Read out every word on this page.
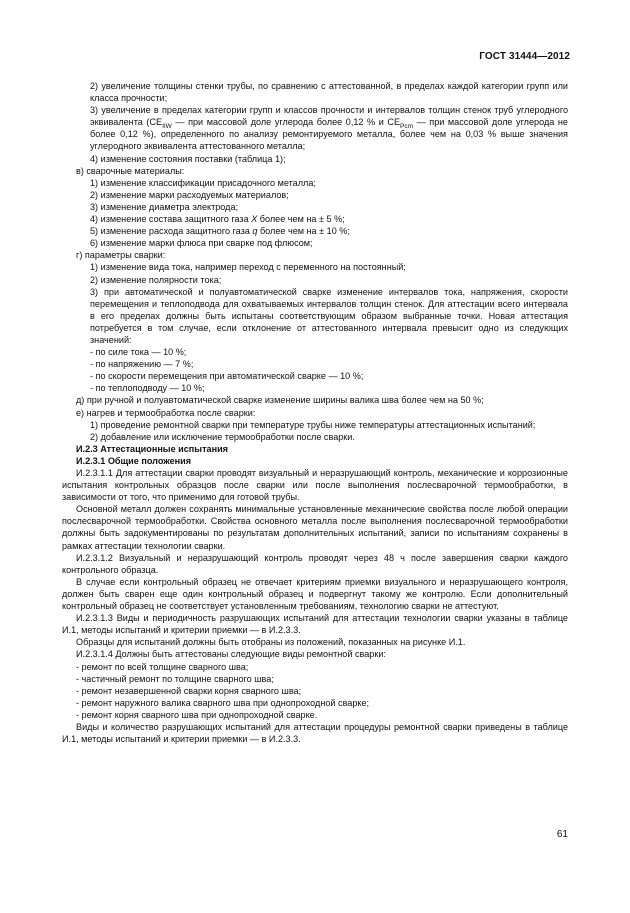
ГОСТ 31444—2012

2) увеличение толщины стенки трубы, по сравнению с аттестованной, в пределах каждой категории групп или класса прочности;

3) увеличение в пределах категории групп и классов прочности и интервалов толщин стенок труб углеродного эквивалента ($CE_{IIW}$ — при массовой доле углерода более 0,12 % и $CE_{Pcm}$ — при массовой доле углерода не более 0,12 %), определенного по анализу ремонтируемого металла, более чем на 0,03 % выше значения углеродного эквивалента аттестованного металла;

4) изменение состояния поставки (таблица 1);

в) сварочные материалы:

1) изменение классификации присадочного металла;

2) изменение марки расходуемых материалов;

3) изменение диаметра электрода;

4) изменение состава защитного газа X более чем на ± 5 %;

5) изменение расхода защитного газа q более чем на ± 10 %;

6) изменение марки флюса при сварке под флюсом;

г) параметры сварки:

1) изменение вида тока, например переход с переменного на постоянный;

2) изменение полярности тока;

3) при автоматической и полуавтоматической сварке изменение интервалов тока, напряжения, скорости перемещения и теплоподвода для охватываемых интервалов толщин стенок. Для аттестации всего интервала в его пределах должны быть испытаны соответствующим образом выбранные точки. Новая аттестация потребуется в том случае, если отклонение от аттестованного интервала превысит одно из следующих значений:

- по силе тока — 10 %;

- по напряжению — 7 %;

- по скорости перемещения при автоматической сварке — 10 %;

- по теплоподводу — 10 %;

д) при ручной и полуавтоматической сварке изменение ширины валика шва более чем на 50 %;

е) нагрев и термообработка после сварки:

1) проведение ремонтной сварки при температуре трубы ниже температуры аттестационных испытаний;

2) добавление или исключение термообработки после сварки.

И.2.3 Аттестационные испытания

И.2.3.1 Общие положения

И.2.3.1.1 Для аттестации сварки проводят визуальный и неразрушающий контроль, механические и коррозионные испытания контрольных образцов после сварки или после выполнения послесварочной термообработки, в зависимости от того, что применимо для готовой трубы.

Основной металл должен сохранять минимальные установленные механические свойства после любой операции послесварочной термообработки. Свойства основного металла после выполнения послесварочной термообработки должны быть задокументированы по результатам дополнительных испытаний, записи по испытаниям сохранены в рамках аттестации технологии сварки.

И.2.3.1.2 Визуальный и неразрушающий контроль проводят через 48 ч после завершения сварки каждого контрольного образца.

В случае если контрольный образец не отвечает критериям приемки визуального и неразрушающего контроля, должен быть сварен еще один контрольный образец и подвергнут такому же контролю. Если дополнительный контрольный образец не соответствует установленным требованиям, технологию сварки не аттестуют.

И.2.3.1.3 Виды и периодичность разрушающих испытаний для аттестации технологии сварки указаны в таблице И.1, методы испытаний и критерии приемки — в И.2.3.3.

Образцы для испытаний должны быть отобраны из положений, показанных на рисунке И.1.

И.2.3.1.4 Должны быть аттестованы следующие виды ремонтной сварки:

- ремонт по всей толщине сварного шва;

- частичный ремонт по толщине сварного шва;

- ремонт незавершенной сварки корня сварного шва;

- ремонт наружного валика сварного шва при однопроходной сварке;

- ремонт корня сварного шва при однопроходной сварке.

Виды и количество разрушающих испытаний для аттестации процедуры ремонтной сварки приведены в таблице И.1, методы испытаний и критерии приемки — в И.2.3.3.

61
